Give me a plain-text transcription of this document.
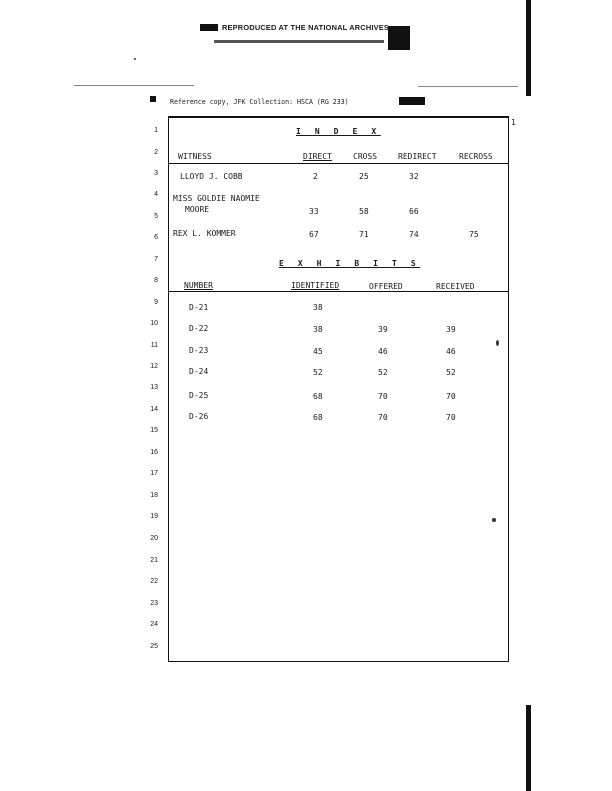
REPRODUCED AT THE NATIONAL ARCHIVES
Reference copy, JFK Collection: HSCA (RG 233)
1
1
2
3
4
5
6
7
8
9
10
11
12
13
14
15
16
17
18
19
20
21
22
23
24
25
I N D E X
WITNESS	DIRECT	CROSS	REDIRECT	RECROSS
LLOYD J. COBB	2	25	32
MISS GOLDIE NAOMIE
MOORE	33	58	66
REX L. KOMMER	67	71	74	75
E X H I B I T S
NUMBER	IDENTIFIED	OFFERED	RECEIVED
D-21	38
D-22	38	39	39
D-23	45	46	46
D-24	52	52	52
D-25	68	70	70
D-26	68	70	70
